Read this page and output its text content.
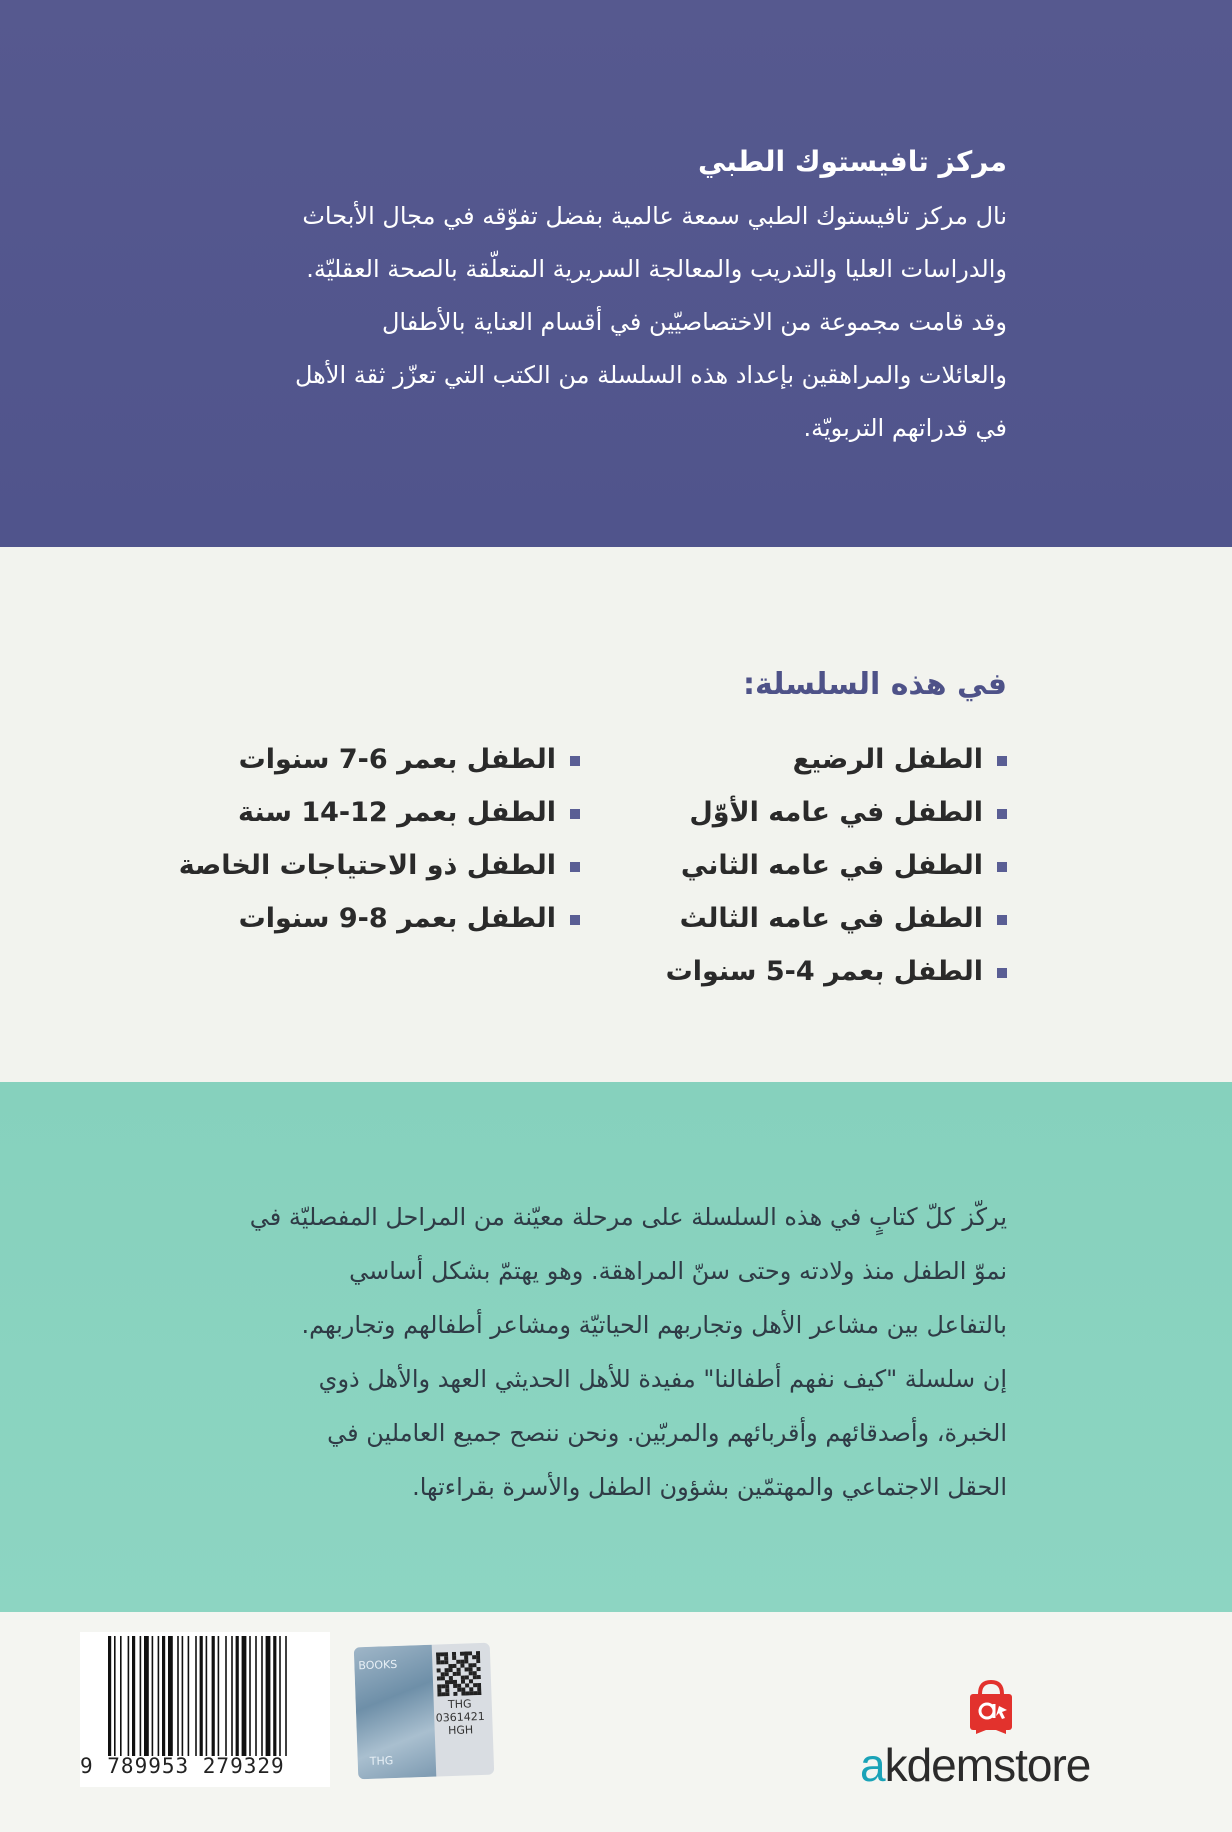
مركز تافيستوك الطبي
نال مركز تافيستوك الطبي سمعة عالمية بفضل تفوّقه في مجال الأبحاث
والدراسات العليا والتدريب والمعالجة السريرية المتعلّقة بالصحة العقليّة.
وقد قامت مجموعة من الاختصاصيّين في أقسام العناية بالأطفال
والعائلات والمراهقين بإعداد هذه السلسلة من الكتب التي تعزّز ثقة الأهل
في قدراتهم التربويّة.
في هذه السلسلة:
الطفل الرضيع
الطفل في عامه الأوّل
الطفل في عامه الثاني
الطفل في عامه الثالث
الطفل بعمر 4-5 سنوات
الطفل بعمر 6-7 سنوات
الطفل بعمر 12-14 سنة
الطفل ذو الاحتياجات الخاصة
الطفل بعمر 8-9 سنوات
يركّز كلّ كتابٍ في هذه السلسلة على مرحلة معيّنة من المراحل المفصليّة في
نموّ الطفل منذ ولادته وحتى سنّ المراهقة. وهو يهتمّ بشكل أساسي
بالتفاعل بين مشاعر الأهل وتجاربهم الحياتيّة ومشاعر أطفالهم وتجاربهم.
إن سلسلة "كيف نفهم أطفالنا" مفيدة للأهل الحديثي العهد والأهل ذوي
الخبرة، وأصدقائهم وأقربائهم والمربّين. ونحن ننصح جميع العاملين في
الحقل الاجتماعي والمهتمّين بشؤون الطفل والأسرة بقراءتها.
9 789953 279329
BOOKS
THG
THG
0361421
HGH
akdemstore
